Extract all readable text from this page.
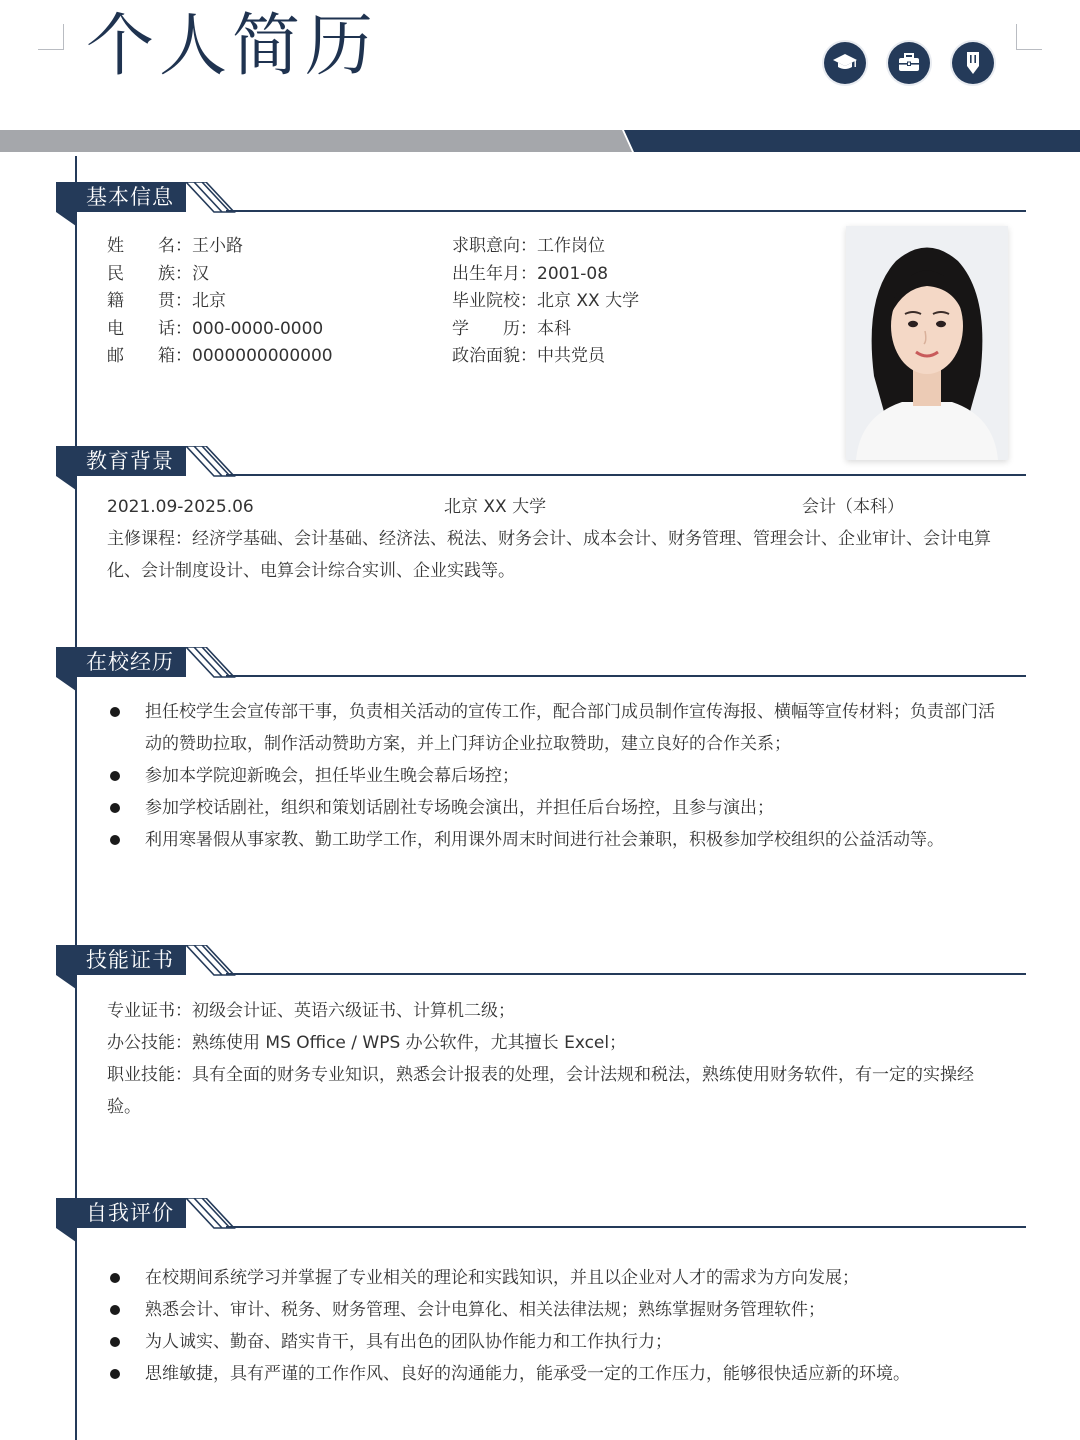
个人简历
基本信息
姓　　名：王小路
民　　族：汉
籍　　贯：北京
电　　话：000-0000-0000
邮　　箱：0000000000000
求职意向：工作岗位
出生年月：2001-08
毕业院校：北京 XX 大学
学　　历：本科
政治面貌：中共党员
教育背景
2021.09-2025.06	北京 XX 大学	会计（本科）
主修课程：经济学基础、会计基础、经济法、税法、财务会计、成本会计、财务管理、管理会计、企业审计、会计电算化、会计制度设计、电算会计综合实训、企业实践等。
在校经历
担任校学生会宣传部干事，负责相关活动的宣传工作，配合部门成员制作宣传海报、横幅等宣传材料；负责部门活动的赞助拉取，制作活动赞助方案，并上门拜访企业拉取赞助，建立良好的合作关系；
参加本学院迎新晚会，担任毕业生晚会幕后场控；
参加学校话剧社，组织和策划话剧社专场晚会演出，并担任后台场控，且参与演出；
利用寒暑假从事家教、勤工助学工作，利用课外周末时间进行社会兼职，积极参加学校组织的公益活动等。
技能证书
专业证书：初级会计证、英语六级证书、计算机二级；
办公技能：熟练使用 MS Office / WPS 办公软件，尤其擅长 Excel；
职业技能：具有全面的财务专业知识，熟悉会计报表的处理，会计法规和税法，熟练使用财务软件，有一定的实操经验。
自我评价
在校期间系统学习并掌握了专业相关的理论和实践知识，并且以企业对人才的需求为方向发展；
熟悉会计、审计、税务、财务管理、会计电算化、相关法律法规；熟练掌握财务管理软件；
为人诚实、勤奋、踏实肯干，具有出色的团队协作能力和工作执行力；
思维敏捷，具有严谨的工作作风、良好的沟通能力，能承受一定的工作压力，能够很快适应新的环境。
